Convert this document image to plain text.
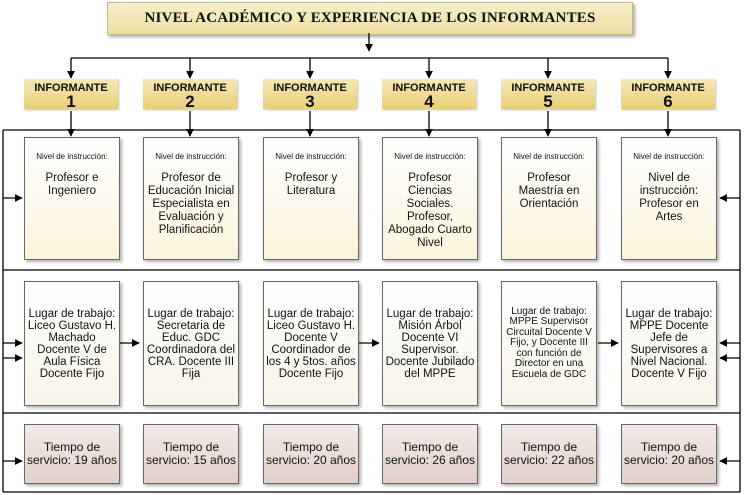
NIVEL ACADÉMICO Y EXPERIENCIA DE LOS INFORMANTES
INFORMANTE
1
Nivel de instrucción:
Profesor e Ingeniero
Lugar de trabajo: Liceo Gustavo H. Machado Docente V de Aula Física Docente Fijo
Tiempo de servicio: 19 años
INFORMANTE
2
Nivel de instrucción:
Profesor de Educación Inicial Especialista en Evaluación y Planificación
Lugar de trabajo: Secretaria de Educ. GDC Coordinadora del CRA. Docente III Fija
Tiempo de servicio: 15 años
INFORMANTE
3
Nivel de instrucción:
Profesor y Literatura
Lugar de trabajo: Liceo Gustavo H. Docente V Coordinador de los 4 y 5tos. años Docente Fijo
Tiempo de servicio: 20 años
INFORMANTE
4
Nivel de instrucción:
Profesor Ciencias Sociales. Profesor, Abogado Cuarto Nivel
Lugar de trabajo: Misión Árbol Docente VI Supervisor. Docente Jubilado del MPPE
Tiempo de servicio: 26 años
INFORMANTE
5
Nivel de instrucción:
Profesor Maestría en Orientación
Lugar de trabajo: MPPE Supervisor Circuital Docente V Fijo, y Docente III con función de Director en una Escuela de GDC
Tiempo de servicio: 22 años
INFORMANTE
6
Nivel de instrucción:
Nivel de instrucción: Profesor en Artes
Lugar de trabajo: MPPE Docente Jefe de Supervisores a Nivel Nacional. Docente V Fijo
Tiempo de servicio: 20 años
